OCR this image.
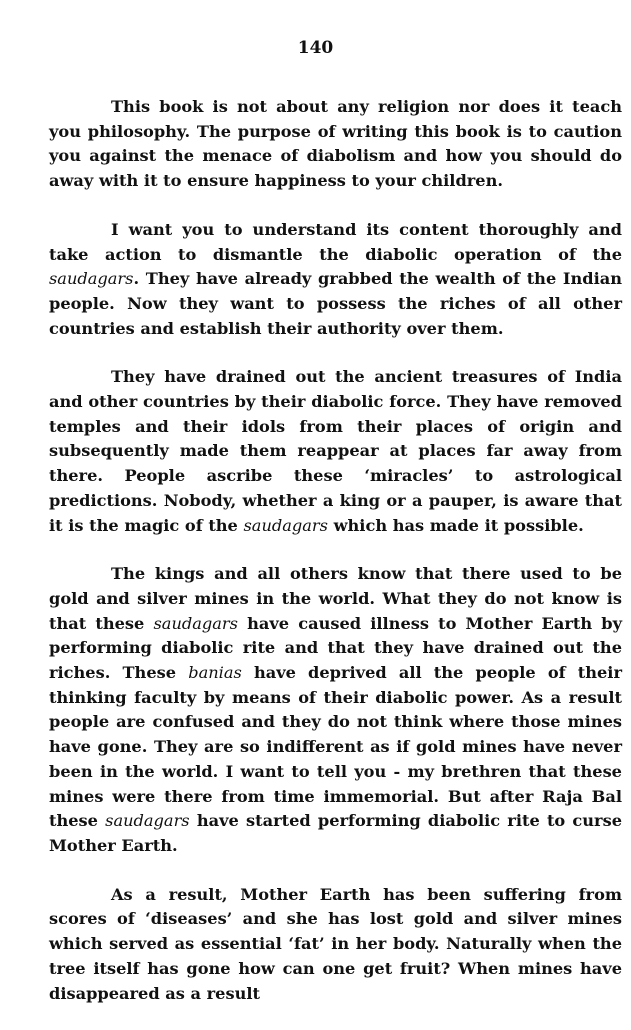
140

This book is not about any religion nor does it teach you philosophy. The purpose of writing this book is to caution you against the menace of diabolism and how you should do away with it to ensure happiness to your children.

I want you to understand its content thoroughly and take action to dismantle the diabolic operation of the saudagars. They have already grabbed the wealth of the Indian people. Now they want to possess the riches of all other countries and establish their authority over them.

They have drained out the ancient treasures of India and other countries by their diabolic force. They have removed temples and their idols from their places of origin and subsequently made them reappear at places far away from there. People ascribe these ‘miracles’ to astrological predictions. Nobody, whether a king or a pauper, is aware that it is the magic of the saudagars which has made it possible.

The kings and all others know that there used to be gold and silver mines in the world. What they do not know is that these saudagars have caused illness to Mother Earth by performing diabolic rite and that they have drained out the riches. These banias have deprived all the people of their thinking faculty by means of their diabolic power. As a result people are confused and they do not think where those mines have gone. They are so indifferent as if gold mines have never been in the world. I want to tell you - my brethren that these mines were there from time immemorial. But after Raja Bal these saudagars have started performing diabolic rite to curse Mother Earth.

As a result, Mother Earth has been suffering from scores of ‘diseases’ and she has lost gold and silver mines which served as essential ‘fat’ in her body. Naturally when the tree itself has gone how can one get fruit? When mines have disappeared as a result
